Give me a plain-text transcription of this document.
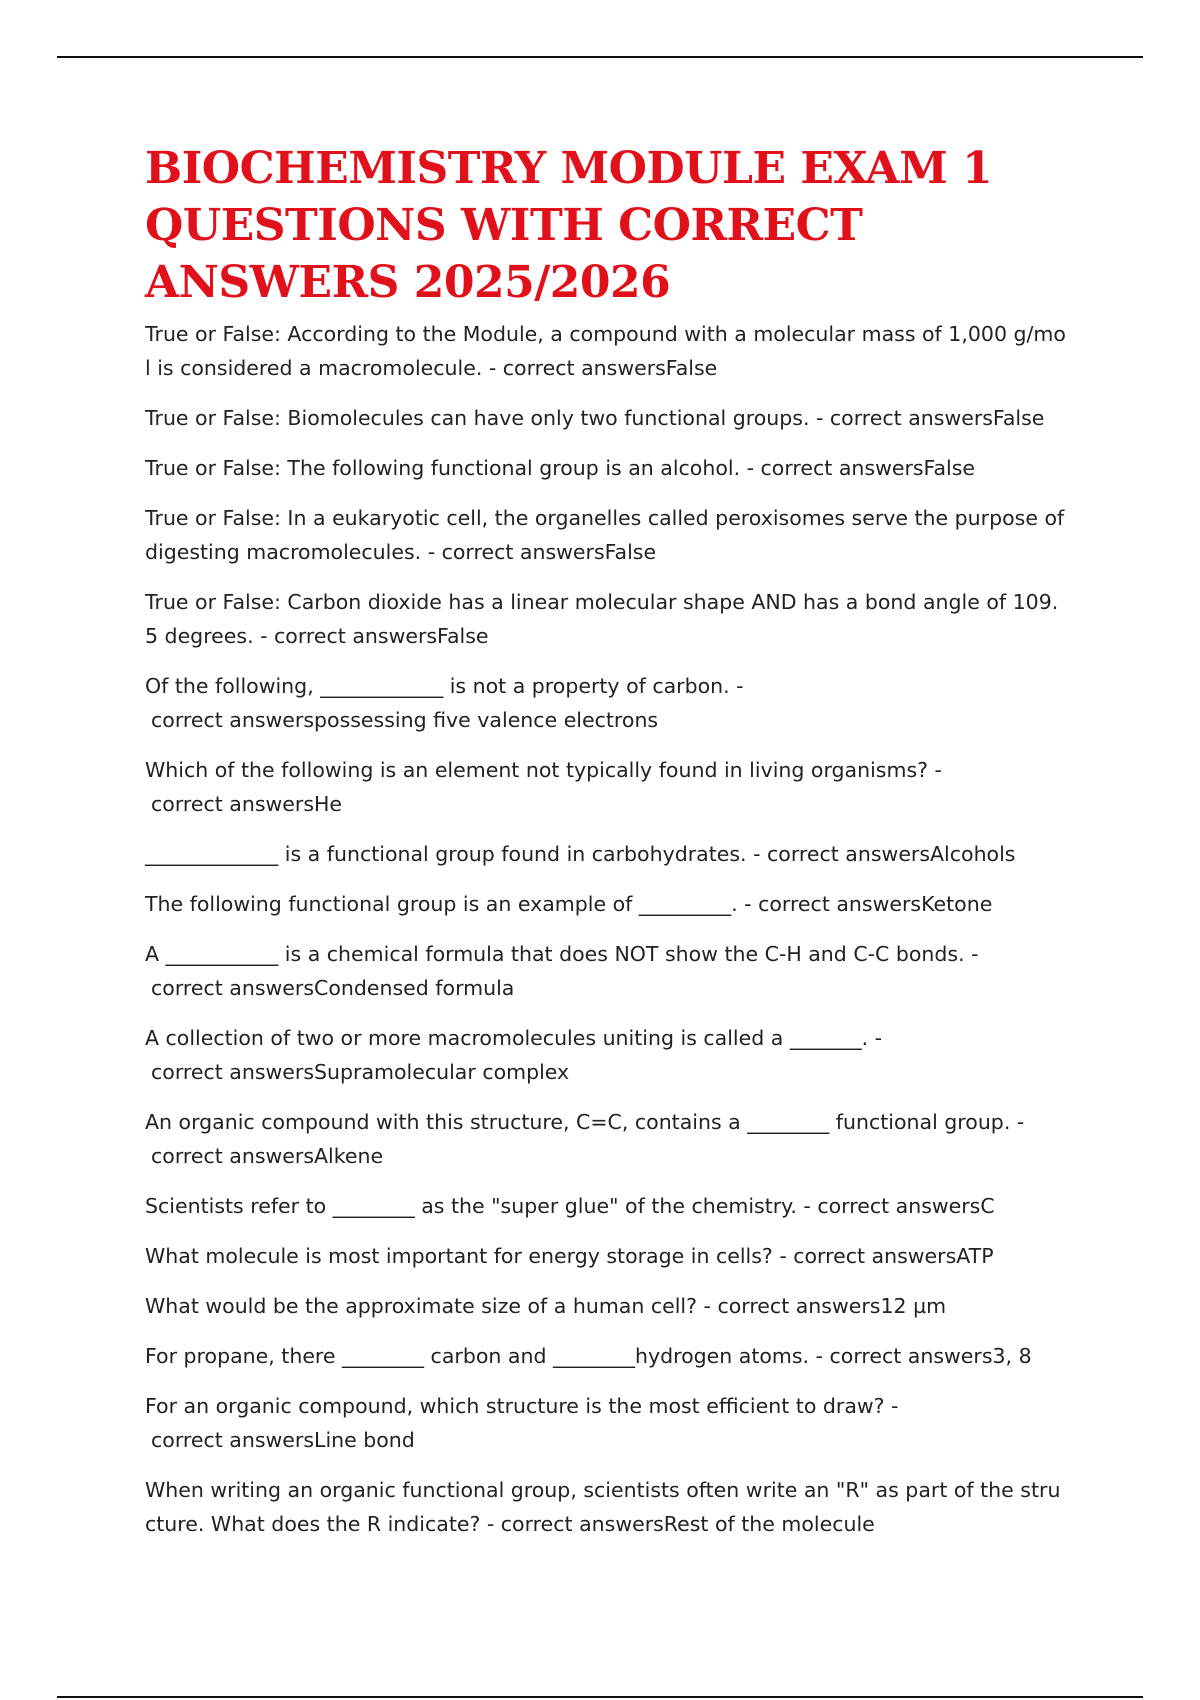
BIOCHEMISTRY MODULE EXAM 1 QUESTIONS WITH CORRECT ANSWERS 2025/2026

True or False: According to the Module, a compound with a molecular mass of 1,000 g/mol is considered a macromolecule. - correct answersFalse

True or False: Biomolecules can have only two functional groups. - correct answersFalse

True or False: The following functional group is an alcohol. - correct answersFalse

True or False: In a eukaryotic cell, the organelles called peroxisomes serve the purpose of digesting macromolecules. - correct answersFalse

True or False: Carbon dioxide has a linear molecular shape AND has a bond angle of 109.5 degrees. - correct answersFalse

Of the following, ____________ is not a property of carbon. -
correct answerspossessing five valence electrons

Which of the following is an element not typically found in living organisms? -
correct answersHe

_____________ is a functional group found in carbohydrates. - correct answersAlcohols

The following functional group is an example of _________. - correct answersKetone

A ___________ is a chemical formula that does NOT show the C-H and C-C bonds. -
correct answersCondensed formula

A collection of two or more macromolecules uniting is called a _______. -
correct answersSupramolecular complex

An organic compound with this structure, C=C, contains a ________ functional group. -
correct answersAlkene

Scientists refer to ________ as the "super glue" of the chemistry. - correct answersC

What molecule is most important for energy storage in cells? - correct answersATP

What would be the approximate size of a human cell? - correct answers12 µm

For propane, there ________ carbon and ________hydrogen atoms. - correct answers3, 8

For an organic compound, which structure is the most efficient to draw? -
correct answersLine bond

When writing an organic functional group, scientists often write an "R" as part of the structure. What does the R indicate? - correct answersRest of the molecule
